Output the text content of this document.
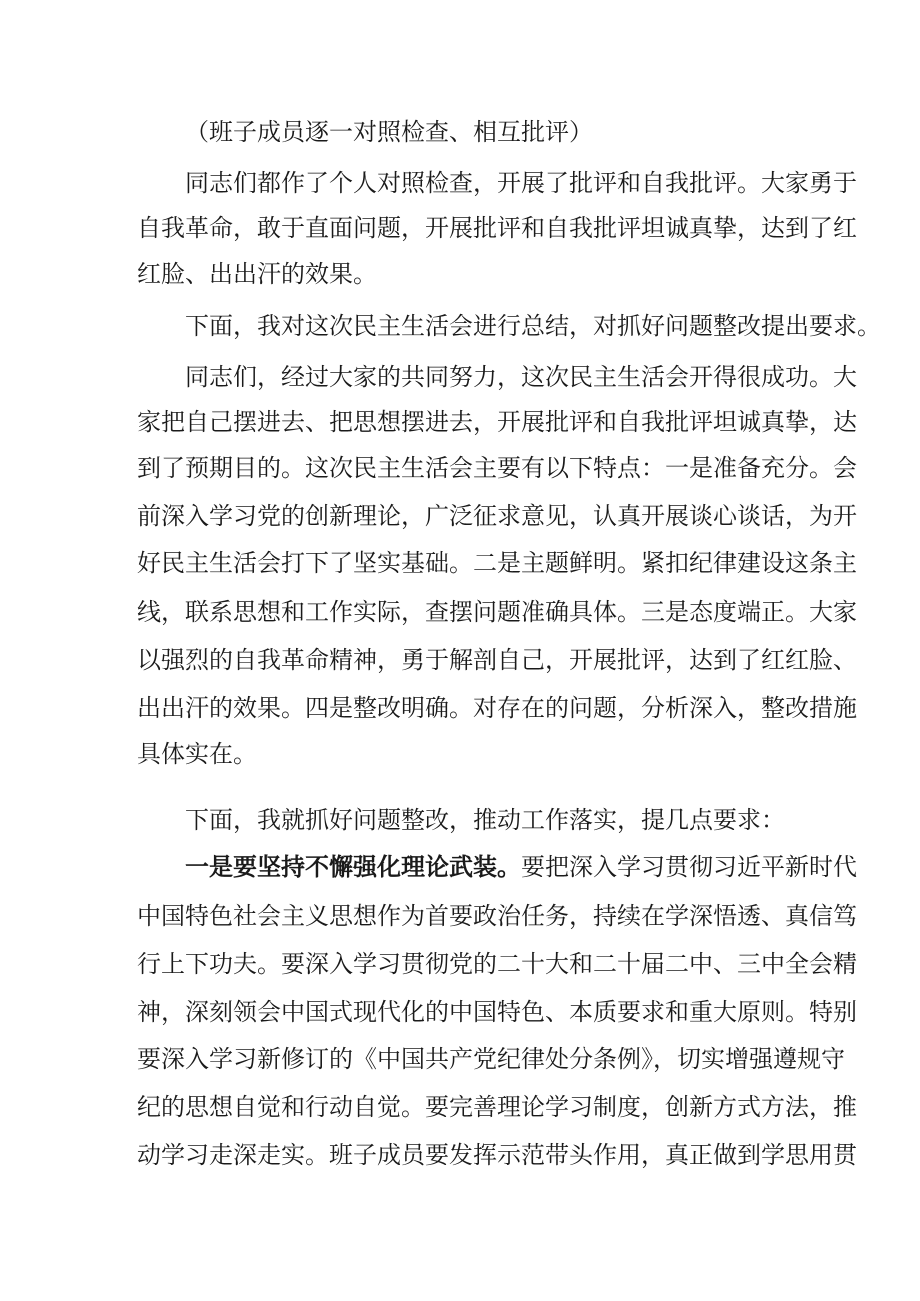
（班子成员逐一对照检查、相互批评）
同志们都作了个人对照检查，开展了批评和自我批评。大家勇于
自我革命，敢于直面问题，开展批评和自我批评坦诚真挚，达到了红
红脸、出出汗的效果。
下面，我对这次民主生活会进行总结，对抓好问题整改提出要求。
同志们，经过大家的共同努力，这次民主生活会开得很成功。大
家把自己摆进去、把思想摆进去，开展批评和自我批评坦诚真挚，达
到了预期目的。这次民主生活会主要有以下特点：一是准备充分。会
前深入学习党的创新理论，广泛征求意见，认真开展谈心谈话，为开
好民主生活会打下了坚实基础。二是主题鲜明。紧扣纪律建设这条主
线，联系思想和工作实际，查摆问题准确具体。三是态度端正。大家
以强烈的自我革命精神，勇于解剖自己，开展批评，达到了红红脸、
出出汗的效果。四是整改明确。对存在的问题，分析深入，整改措施
具体实在。
下面，我就抓好问题整改，推动工作落实，提几点要求：
一是要坚持不懈强化理论武装。要把深入学习贯彻习近平新时代
中国特色社会主义思想作为首要政治任务，持续在学深悟透、真信笃
行上下功夫。要深入学习贯彻党的二十大和二十届二中、三中全会精
神，深刻领会中国式现代化的中国特色、本质要求和重大原则。特别
要深入学习新修订的《中国共产党纪律处分条例》，切实增强遵规守
纪的思想自觉和行动自觉。要完善理论学习制度，创新方式方法，推
动学习走深走实。班子成员要发挥示范带头作用，真正做到学思用贯
